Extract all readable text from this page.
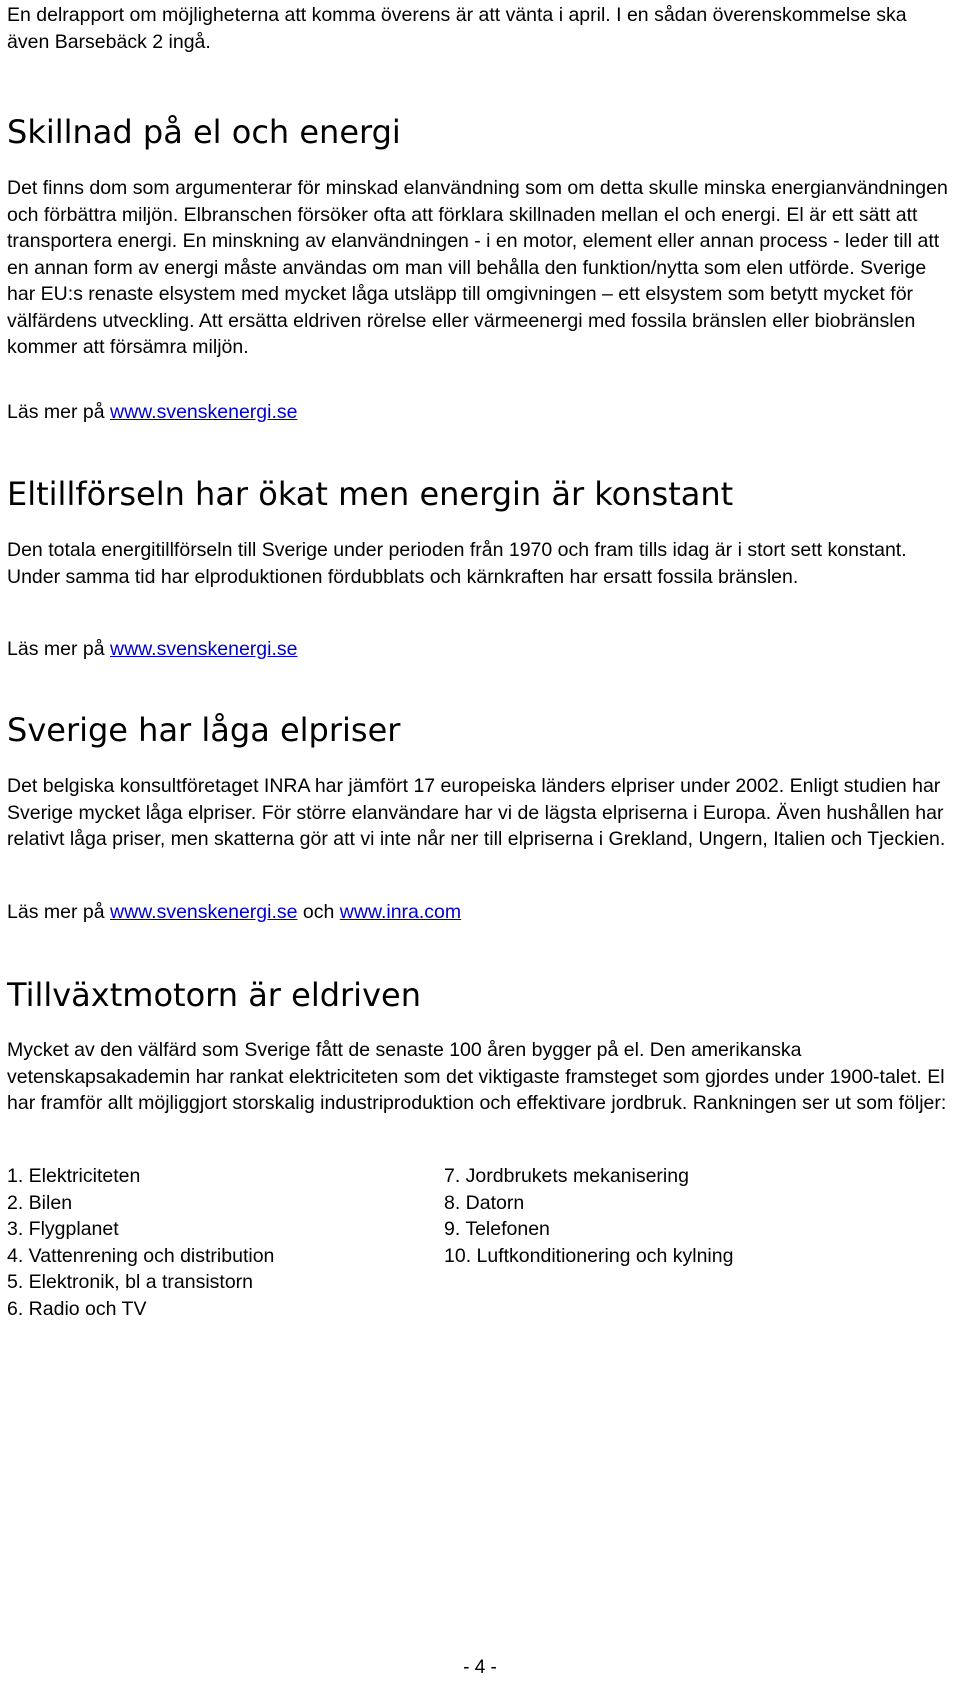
En delrapport om möjligheterna att komma överens är att vänta i april. I en sådan överenskommelse ska även Barsebäck 2 ingå.

Skillnad på el och energi

Det finns dom som argumenterar för minskad elanvändning som om detta skulle minska energianvändningen och förbättra miljön. Elbranschen försöker ofta att förklara skillnaden mellan el och energi. El är ett sätt att transportera energi. En minskning av elanvändningen - i en motor, element eller annan process - leder till att en annan form av energi måste användas om man vill behålla den funktion/nytta som elen utförde. Sverige har EU:s renaste elsystem med mycket låga utsläpp till omgivningen – ett elsystem som betytt mycket för välfärdens utveckling. Att ersätta eldriven rörelse eller värmeenergi med fossila bränslen eller biobränslen kommer att försämra miljön.

Läs mer på www.svenskenergi.se

Eltillförseln har ökat men energin är konstant

Den totala energitillförseln till Sverige under perioden från 1970 och fram tills idag är i stort sett konstant. Under samma tid har elproduktionen fördubblats och kärnkraften har ersatt fossila bränslen.

Läs mer på www.svenskenergi.se

Sverige har låga elpriser

Det belgiska konsultföretaget INRA har jämfört 17 europeiska länders elpriser under 2002. Enligt studien har Sverige mycket låga elpriser. För större elanvändare har vi de lägsta elpriserna i Europa. Även hushållen har relativt låga priser, men skatterna gör att vi inte når ner till elpriserna i Grekland, Ungern, Italien och Tjeckien.

Läs mer på www.svenskenergi.se och www.inra.com

Tillväxtmotorn är eldriven

Mycket av den välfärd som Sverige fått de senaste 100 åren bygger på el. Den amerikanska vetenskapsakademin har rankat elektriciteten som det viktigaste framsteget som gjordes under 1900-talet. El har framför allt möjliggjort storskalig industriproduktion och effektivare jordbruk. Rankningen ser ut som följer:

1. Elektriciteten
2. Bilen
3. Flygplanet
4. Vattenrening och distribution
5. Elektronik, bl a transistorn
6. Radio och TV
7. Jordbrukets mekanisering
8. Datorn
9. Telefonen
10. Luftkonditionering och kylning
- 4 -
